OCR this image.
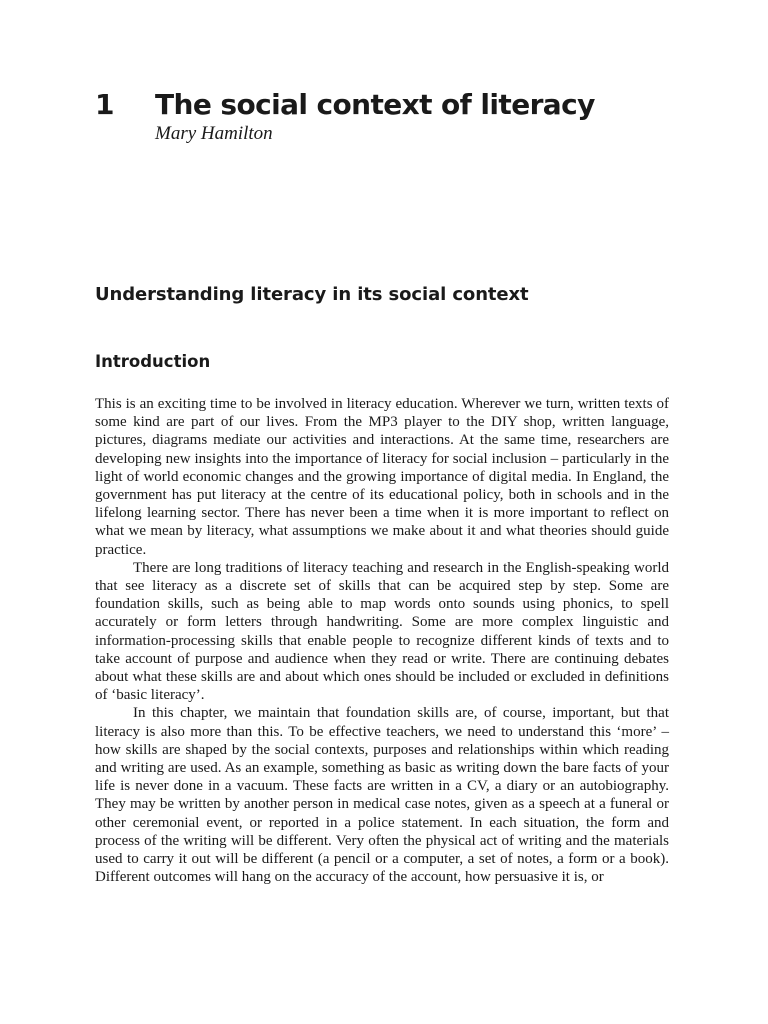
1	The social context of literacy
Mary Hamilton
Understanding literacy in its social context
Introduction

This is an exciting time to be involved in literacy education. Wherever we turn, written texts of some kind are part of our lives. From the MP3 player to the DIY shop, written language, pictures, diagrams mediate our activities and interactions. At the same time, researchers are developing new insights into the importance of literacy for social inclusion – particularly in the light of world economic changes and the growing importance of digital media. In England, the government has put literacy at the centre of its educational policy, both in schools and in the lifelong learning sector. There has never been a time when it is more important to reflect on what we mean by literacy, what assumptions we make about it and what theories should guide practice.

There are long traditions of literacy teaching and research in the English-speaking world that see literacy as a discrete set of skills that can be acquired step by step. Some are foundation skills, such as being able to map words onto sounds using phonics, to spell accurately or form letters through handwriting. Some are more complex linguistic and information-processing skills that enable people to recognize different kinds of texts and to take account of purpose and audience when they read or write. There are continuing debates about what these skills are and about which ones should be included or excluded in definitions of ‘basic literacy’.

In this chapter, we maintain that foundation skills are, of course, important, but that literacy is also more than this. To be effective teachers, we need to understand this ‘more’ – how skills are shaped by the social contexts, purposes and relationships within which reading and writing are used. As an example, something as basic as writing down the bare facts of your life is never done in a vacuum. These facts are written in a CV, a diary or an autobiography. They may be written by another person in medical case notes, given as a speech at a funeral or other ceremonial event, or reported in a police statement. In each situation, the form and process of the writing will be different. Very often the physical act of writing and the materials used to carry it out will be different (a pencil or a computer, a set of notes, a form or a book). Different outcomes will hang on the accuracy of the account, how persuasive it is, or
